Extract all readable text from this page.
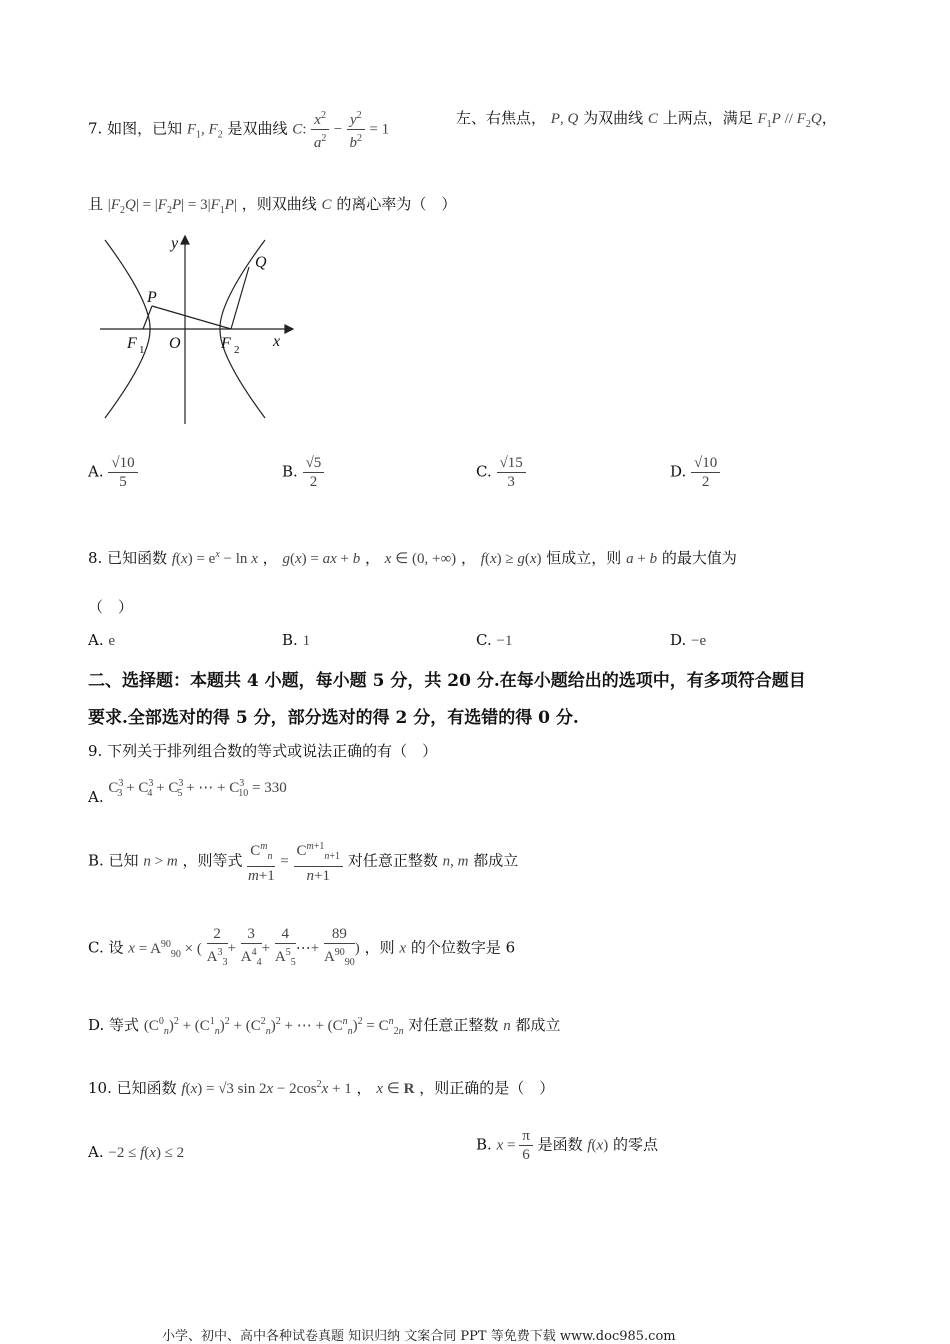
7. 如图，已知 $F_1$, $F_2$ 是双曲线 C: $\frac{x^2}{a^2} - \frac{y^2}{b^2} = 1$
左、右焦点， P, Q 为双曲线 C 上两点，满足 $F_1P // F_2Q$，
且 $|F_2Q| = |F_2P| = 3|F_1P|$ ，则双曲线 C 的离心率为（　）
y
x
P
Q
O
F	F
1	2
A. $\frac{√10}{5}$	B. $\frac{√5}{2}$	C. $\frac{√15}{3}$	D. $\frac{√10}{2}$
8. 已知函数 $f(x) = e^x - \ln x$ ， g(x) = ax + b ， x ∈ (0, +∞) ， f(x) ≥ g(x) 恒成立，则 a + b 的最大值为
（　）
A. e	B. 1	C. −1	D. −e
二、选择题：本题共 4 小题，每小题 5 分，共 20 分.在每小题给出的选项中，有多项符合题目
要求.全部选对的得 5 分，部分选对的得 2 分，有选错的得 0 分.
9. 下列关于排列组合数的等式或说法正确的有（　）
A. $C^3_3 + C^3_4 + C^3_5$ + ⋯ + $C^3_{10} = 330$
B. 已知 n > m ，则等式 $\frac{C^m_n}{m+1} = \frac{C^{m+1}_{n+1}}{n+1}$ 对任意正整数 n, m 都成立
C. 设 $x = A^{90}_{90}$ × ( $\frac{2}{A^3_3} + \frac{3}{A^4_4} + \frac{4}{A^5_5}$ ⋯+ $\frac{89}{A^{90}_{90}}$ ) ，则 x 的个位数字是 6
D. 等式 $(C^0_n)^2 + (C^1_n)^2 + (C^2_n)^2$ + ⋯ + $(C^n_n)^2 = C^n_{2n}$ 对任意正整数 n 都成立
10. 已知函数 f(x) = √3 $\sin 2x - 2\cos^2x + 1$ ， x ∈ R ，则正确的是（　）
A. −2 ≤ f(x) ≤ 2	B. $x = \frac{\pi}{6}$ 是函数 f(x) 的零点
小学、初中、高中各种试卷真题 知识归纳 文案合同 PPT 等免费下载 www.doc985.com
